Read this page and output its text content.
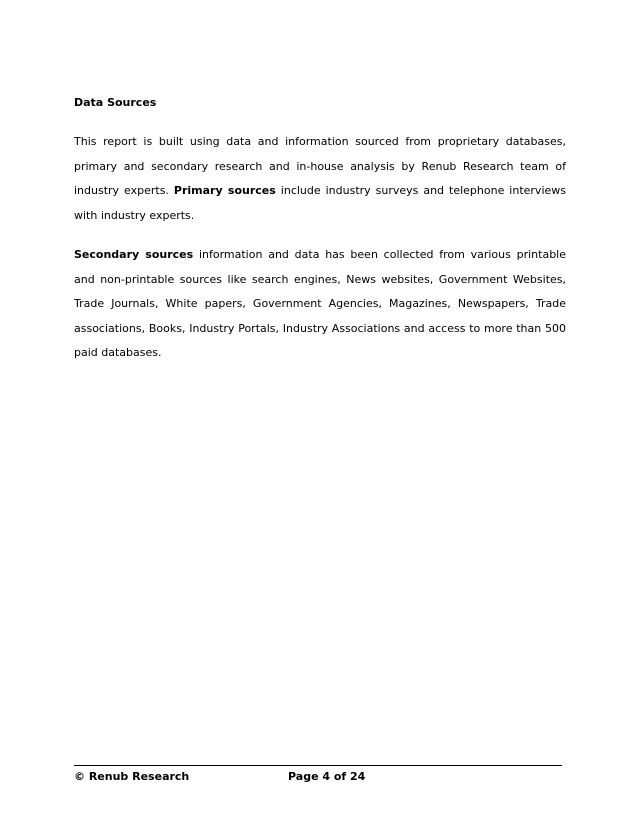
Data Sources

This report is built using data and information sourced from proprietary databases, primary and secondary research and in-house analysis by Renub Research team of industry experts. Primary sources include industry surveys and telephone interviews with industry experts.

Secondary sources information and data has been collected from various printable and non-printable sources like search engines, News websites, Government Websites, Trade Journals, White papers, Government Agencies, Magazines, Newspapers, Trade associations, Books, Industry Portals, Industry Associations and access to more than 500 paid databases.

© Renub Research	Page 4 of 24
